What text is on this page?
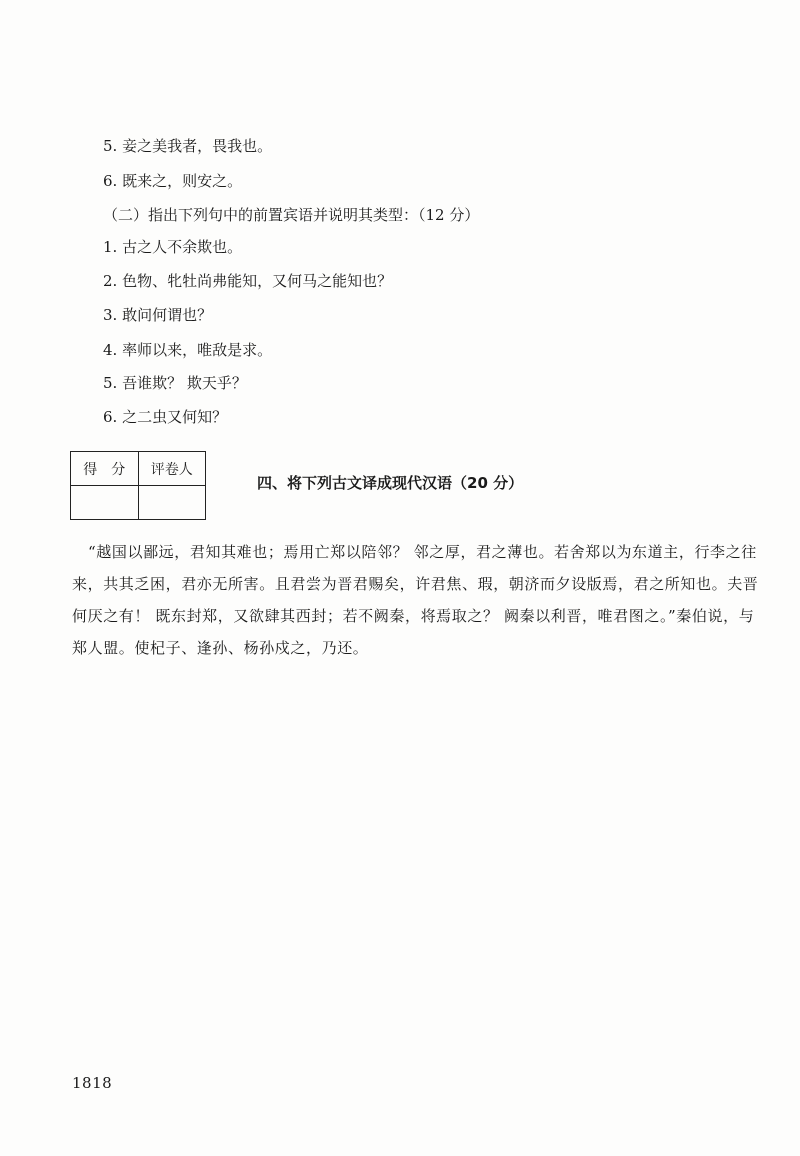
5. 妾之美我者，畏我也。
6. 既来之，则安之。
（二）指出下列句中的前置宾语并说明其类型：（12 分）
1. 古之人不余欺也。
2. 色物、牝牡尚弗能知，又何马之能知也？
3. 敢问何谓也？
4. 率师以来，唯敌是求。
5. 吾谁欺？ 欺天乎？
6. 之二虫又何知？
得　分	评卷人

四、将下列古文译成现代汉语（20 分）
“越国以鄙远，君知其难也；焉用亡郑以陪邻？ 邻之厚，君之薄也。若舍郑以为东道主，行李之往来，共其乏困，君亦无所害。且君尝为晋君赐矣，许君焦、瑕，朝济而夕设版焉，君之所知也。夫晋何厌之有！ 既东封郑，又欲肆其西封；若不阙秦，将焉取之？ 阙秦以利晋，唯君图之。”秦伯说，与郑人盟。使杞子、逢孙、杨孙戍之，乃还。
1818
